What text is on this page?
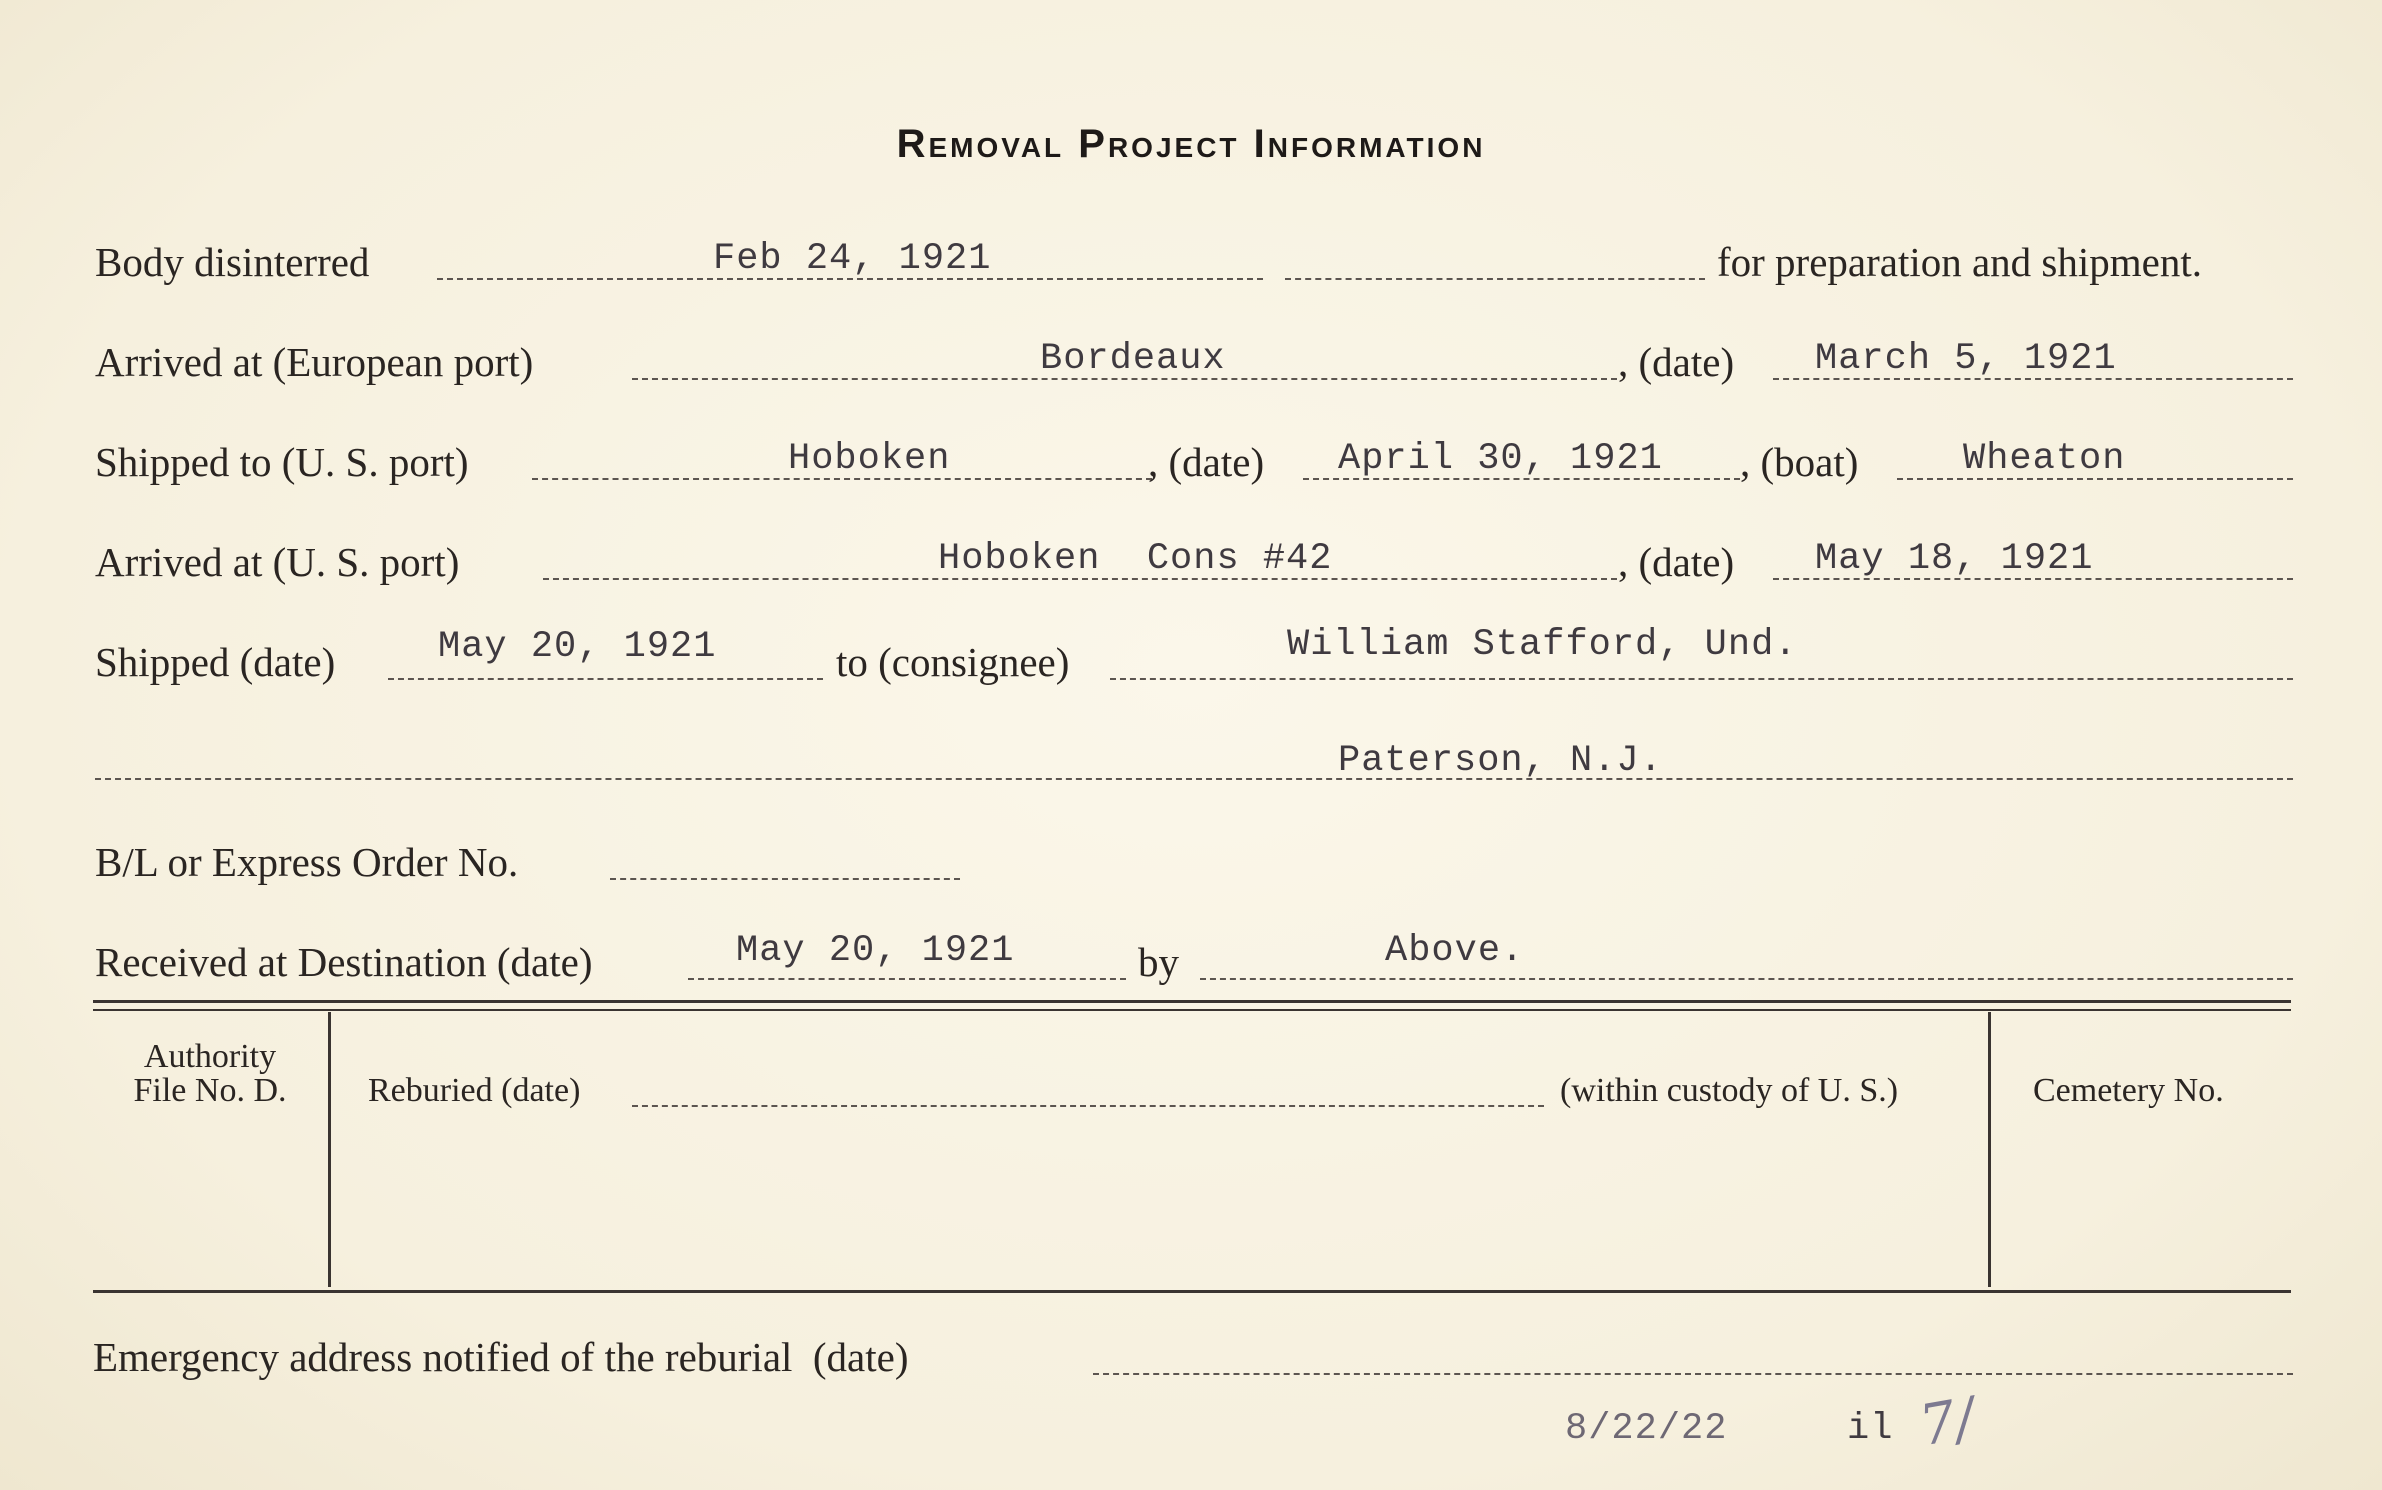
Removal Project Information
Body disinterred	Feb 24, 1921	for preparation and shipment.
Arrived at (European port)	Bordeaux	, (date) March 5, 1921
Shipped to (U. S. port)	Hoboken	, (date) April 30, 1921 , (boat)	Wheaton
Arrived at (U. S. port)	Hoboken  Cons #42	, (date) May 18, 1921
Shipped (date)	May 20, 1921	to (consignee)	William Stafford, Und.
Paterson, N.J.
B/L or Express Order No.
Received at Destination (date)	May 20, 1921	by	Above.
Authority
File No. D.	Reburied (date)	(within custody of U. S.)	Cemetery No.
Emergency address notified of the reburial  (date)
8/22/22	il 7/
